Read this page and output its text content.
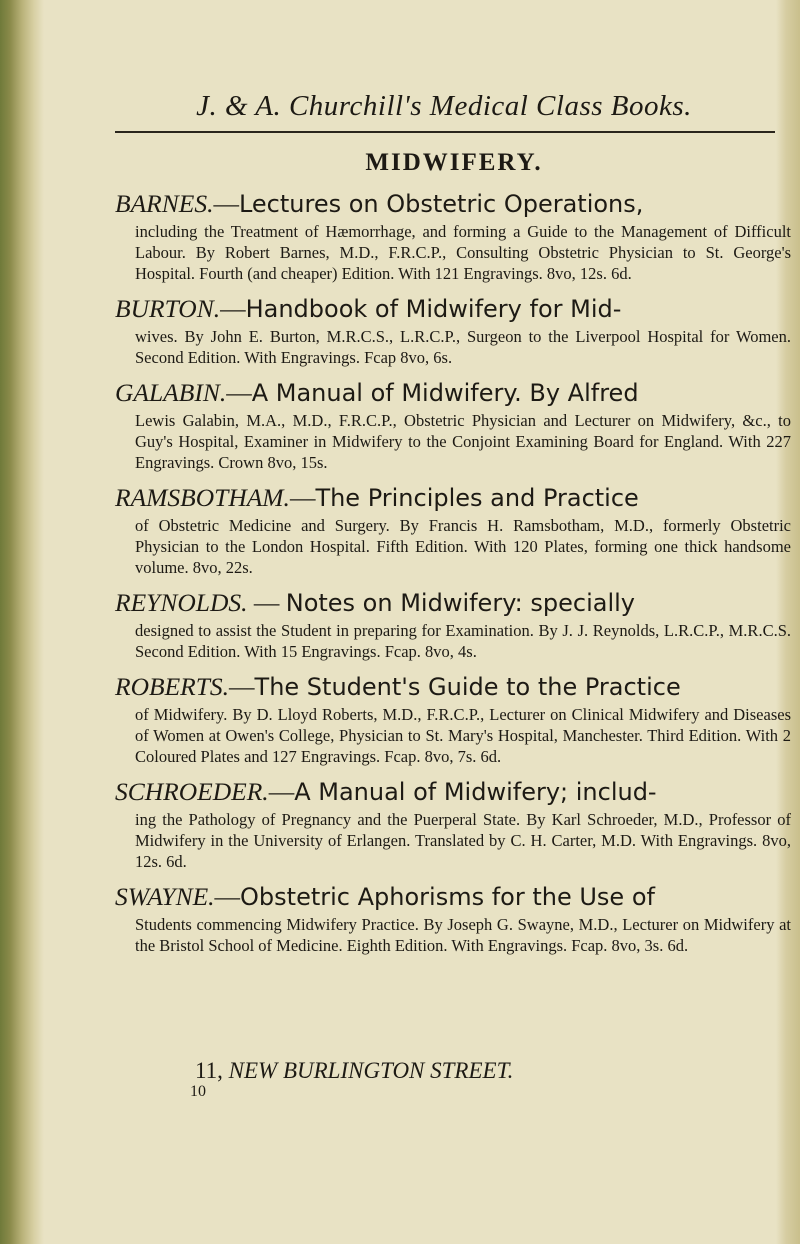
J. & A. Churchill's Medical Class Books.
MIDWIFERY.
BARNES.—Lectures on Obstetric Operations,
including the Treatment of Hæmorrhage, and forming a Guide to the Management of Difficult Labour. By Robert Barnes, M.D., F.R.C.P., Consulting Obstetric Physician to St. George's Hospital. Fourth (and cheaper) Edition. With 121 Engravings. 8vo, 12s. 6d.
BURTON.—Handbook of Midwifery for Mid-
wives. By John E. Burton, M.R.C.S., L.R.C.P., Surgeon to the Liverpool Hospital for Women. Second Edition. With Engravings. Fcap 8vo, 6s.
GALABIN.—A Manual of Midwifery. By Alfred
Lewis Galabin, M.A., M.D., F.R.C.P., Obstetric Physician and Lecturer on Midwifery, &c., to Guy's Hospital, Examiner in Midwifery to the Conjoint Examining Board for England. With 227 Engravings. Crown 8vo, 15s.
RAMSBOTHAM.—The Principles and Practice
of Obstetric Medicine and Surgery. By Francis H. Ramsbotham, M.D., formerly Obstetric Physician to the London Hospital. Fifth Edition. With 120 Plates, forming one thick handsome volume. 8vo, 22s.
REYNOLDS. — Notes on Midwifery: specially
designed to assist the Student in preparing for Examination. By J. J. Reynolds, L.R.C.P., M.R.C.S. Second Edition. With 15 Engravings. Fcap. 8vo, 4s.
ROBERTS.—The Student's Guide to the Practice
of Midwifery. By D. Lloyd Roberts, M.D., F.R.C.P., Lecturer on Clinical Midwifery and Diseases of Women at Owen's College, Physician to St. Mary's Hospital, Manchester. Third Edition. With 2 Coloured Plates and 127 Engravings. Fcap. 8vo, 7s. 6d.
SCHROEDER.—A Manual of Midwifery; includ-
ing the Pathology of Pregnancy and the Puerperal State. By Karl Schroeder, M.D., Professor of Midwifery in the University of Erlangen. Translated by C. H. Carter, M.D. With Engravings. 8vo, 12s. 6d.
SWAYNE.—Obstetric Aphorisms for the Use of
Students commencing Midwifery Practice. By Joseph G. Swayne, M.D., Lecturer on Midwifery at the Bristol School of Medicine. Eighth Edition. With Engravings. Fcap. 8vo, 3s. 6d.
11, NEW BURLINGTON STREET.
10
